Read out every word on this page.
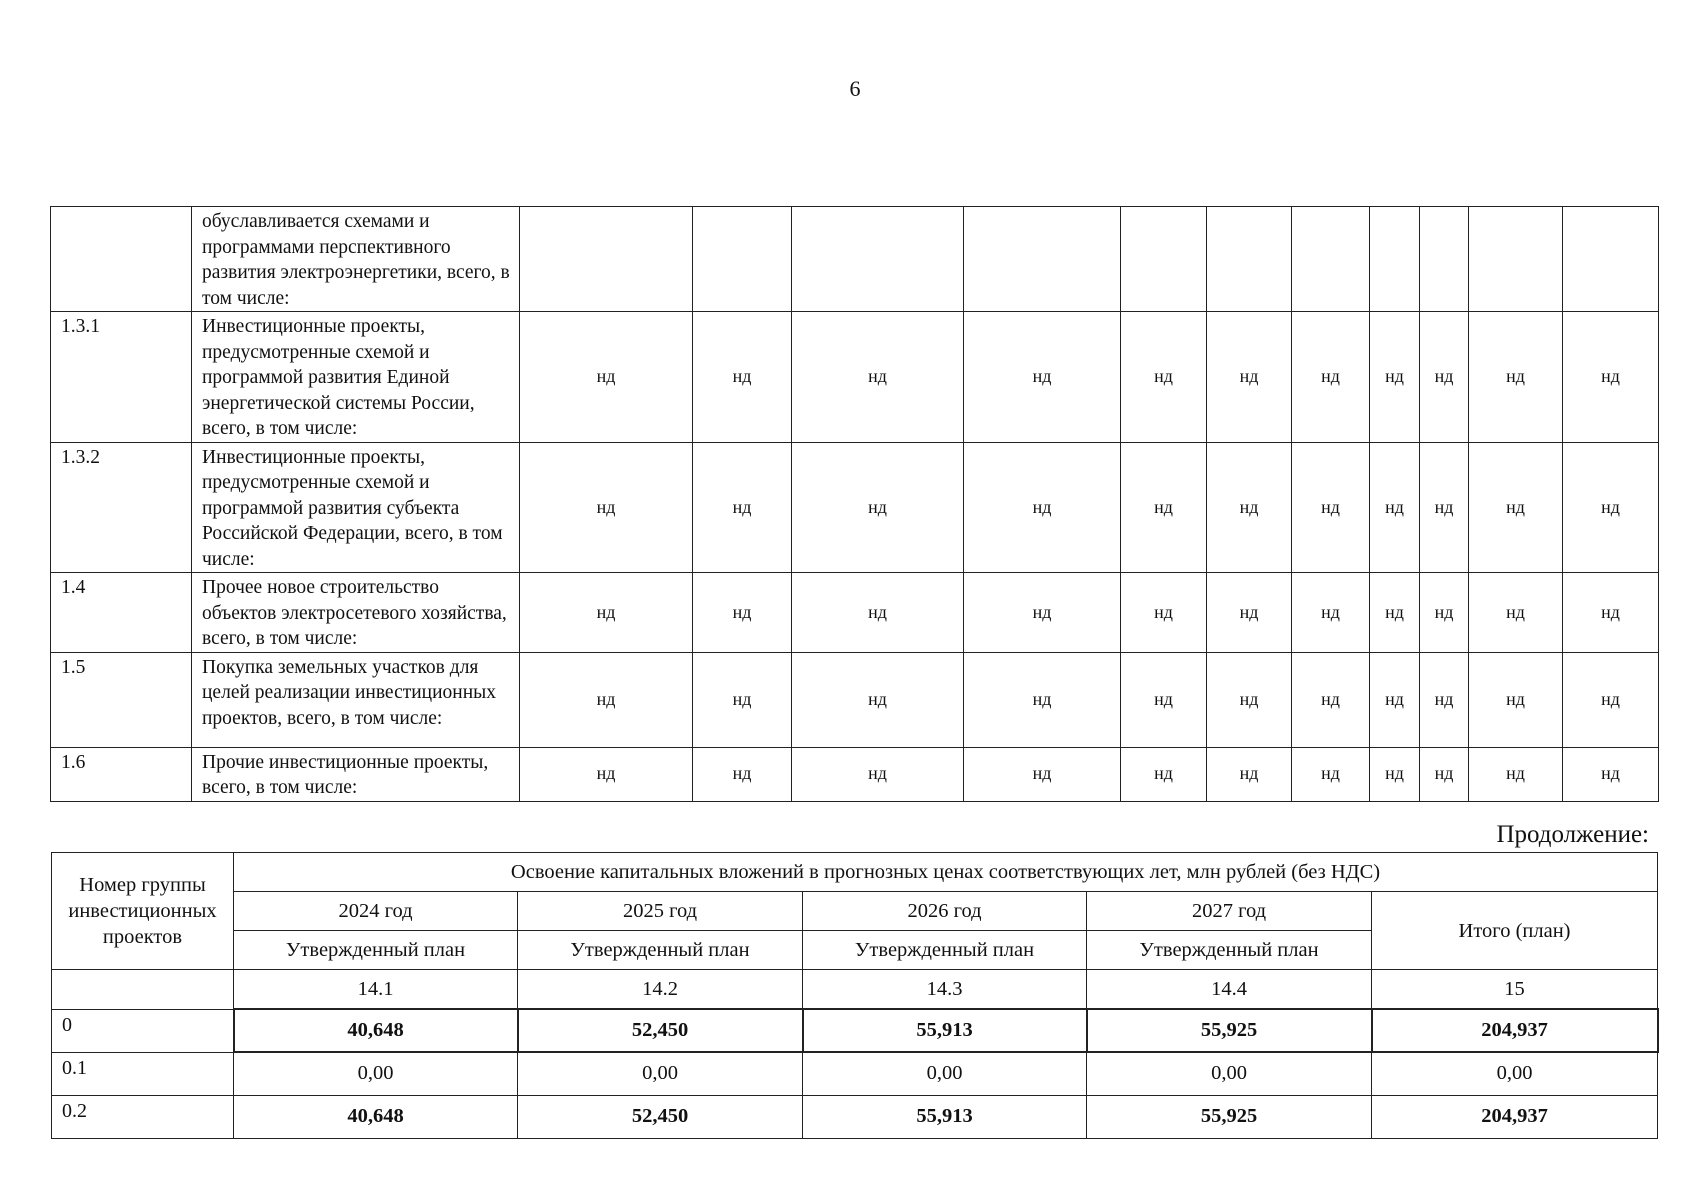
6
	обуславливается схемами и программами перспективного развития электроэнергетики, всего, в том числе:											
1.3.1	Инвестиционные проекты, предусмотренные схемой и программой развития Единой энергетической системы России, всего, в том числе:	нд	нд	нд	нд	нд	нд	нд	нд	нд	нд	нд
1.3.2	Инвестиционные проекты, предусмотренные схемой и программой развития субъекта Российской Федерации, всего, в том числе:	нд	нд	нд	нд	нд	нд	нд	нд	нд	нд	нд
1.4	Прочее новое строительство объектов электросетевого хозяйства, всего, в том числе:	нд	нд	нд	нд	нд	нд	нд	нд	нд	нд	нд
1.5	Покупка земельных участков для целей реализации инвестиционных проектов, всего, в том числе:	нд	нд	нд	нд	нд	нд	нд	нд	нд	нд	нд
1.6	Прочие инвестиционные проекты, всего, в том числе:	нд	нд	нд	нд	нд	нд	нд	нд	нд	нд	нд
Продолжение:
Номер группы инвестиционных проектов	Освоение капитальных вложений в прогнозных ценах соответствующих лет, млн рублей (без НДС)				
	2024 год	2025 год	2026 год	2027 год	Итого (план)
	Утвержденный план	Утвержденный план	Утвержденный план	Утвержденный план	
	14.1	14.2	14.3	14.4	15
0	40,648	52,450	55,913	55,925	204,937
0.1	0,00	0,00	0,00	0,00	0,00
0.2	40,648	52,450	55,913	55,925	204,937
